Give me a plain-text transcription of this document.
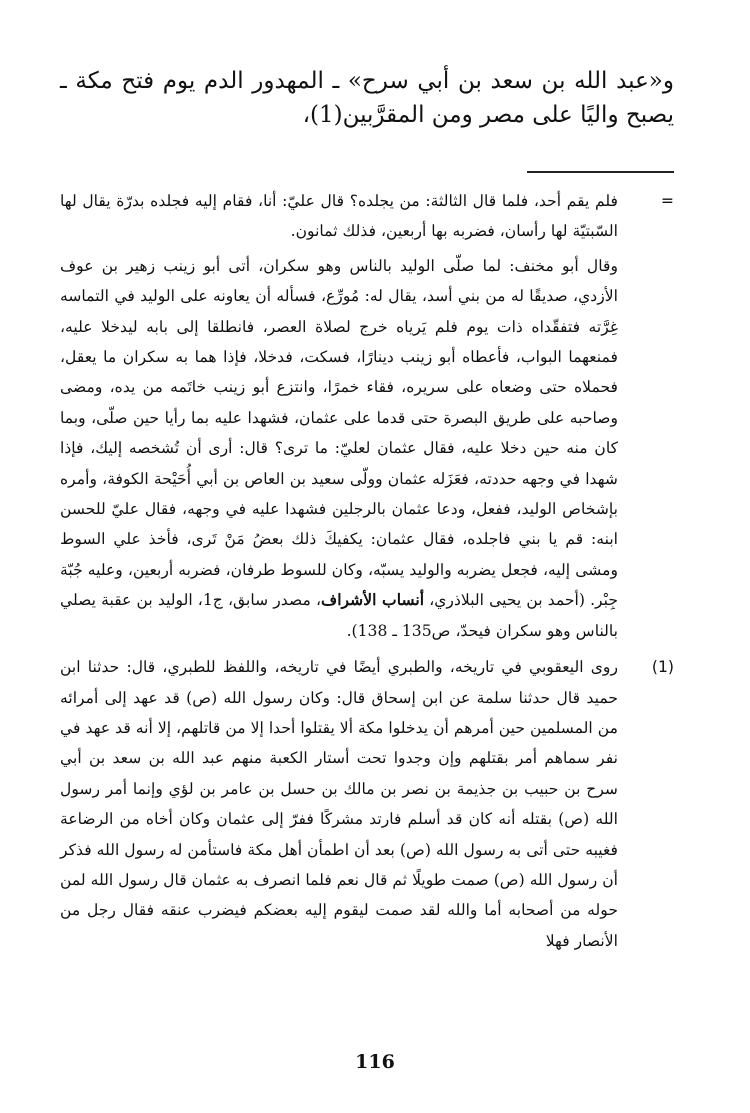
و«عبد الله بن سعد بن أبي سرح» ـ المهدور الدم يوم فتح مكة ـ يصبح واليًا على مصر ومن المقرَّبين(1)،

=

فلم يقم أحد، فلما قال الثالثة: من يجلده؟ قال عليّ: أنا، فقام إليه فجلده بدرّة يقال لها السّبتيّة لها رأسان، فضربه بها أربعين، فذلك ثمانون.

وقال أبو مخنف: لما صلّى الوليد بالناس وهو سكران، أتى أبو زينب زهير بن عوف الأزدي، صديقًا له من بني أسد، يقال له: مُورِّع، فسأله أن يعاونه على الوليد في التماسه غِرَّته فتفقّداه ذات يوم فلم يَرياه خرج لصلاة العصر، فانطلقا إلى بابه ليدخلا عليه، فمنعهما البواب، فأعطاه أبو زينب دينارًا، فسكت، فدخلا، فإذا هما به سكران ما يعقل، فحملاه حتى وضعاه على سريره، فقاء خمرًا، وانتزع أبو زينب خاتَمه من يده، ومضى وصاحبه على طريق البصرة حتى قدما على عثمان، فشهدا عليه بما رأيا حين صلّى، وبما كان منه حين دخلا عليه، فقال عثمان لعليّ: ما ترى؟ قال: أرى أن تُشخصه إليك، فإذا شهدا في وجهه حددته، فعَزَله عثمان وولّى سعيد بن العاص بن أبي أُحَيْحة الكوفة، وأمره بإشخاص الوليد، ففعل، ودعا عثمان بالرجلين فشهدا عليه في وجهه، فقال عليّ للحسن ابنه: قم يا بني فاجلده، فقال عثمان: يكفيكَ ذلك بعضُ مَنْ تَرى، فأخذ علي السوط ومشى إليه، فجعل يضربه والوليد يسبّه، وكان للسوط طرفان، فضربه أربعين، وعليه جُبّة جِبْر. (أحمد بن يحيى البلاذري، أنساب الأشراف، مصدر سابق، ج1، الوليد بن عقبة يصلي بالناس وهو سكران فيحدّ، ص135 ـ 138).

(1)

روى اليعقوبي في تاريخه، والطبري أيضًا في تاريخه، واللفظ للطبري، قال: حدثنا ابن حميد قال حدثنا سلمة عن ابن إسحاق قال: وكان رسول الله (ص) قد عهد إلى أمرائه من المسلمين حين أمرهم أن يدخلوا مكة ألا يقتلوا أحدا إلا من قاتلهم، إلا أنه قد عهد في نفر سماهم أمر بقتلهم وإن وجدوا تحت أستار الكعبة منهم عبد الله بن سعد بن أبي سرح بن حبيب بن جذيمة بن نصر بن مالك بن حسل بن عامر بن لؤي وإنما أمر رسول الله (ص) بقتله أنه كان قد أسلم فارتد مشركًا ففرّ إلى عثمان وكان أخاه من الرضاعة فغيبه حتى أتى به رسول الله (ص) بعد أن اطمأن أهل مكة فاستأمن له رسول الله فذكر أن رسول الله (ص) صمت طويلًا ثم قال نعم فلما انصرف به عثمان قال رسول الله لمن حوله من أصحابه أما والله لقد صمت ليقوم إليه بعضكم فيضرب عنقه فقال رجل من الأنصار فهلا

116
